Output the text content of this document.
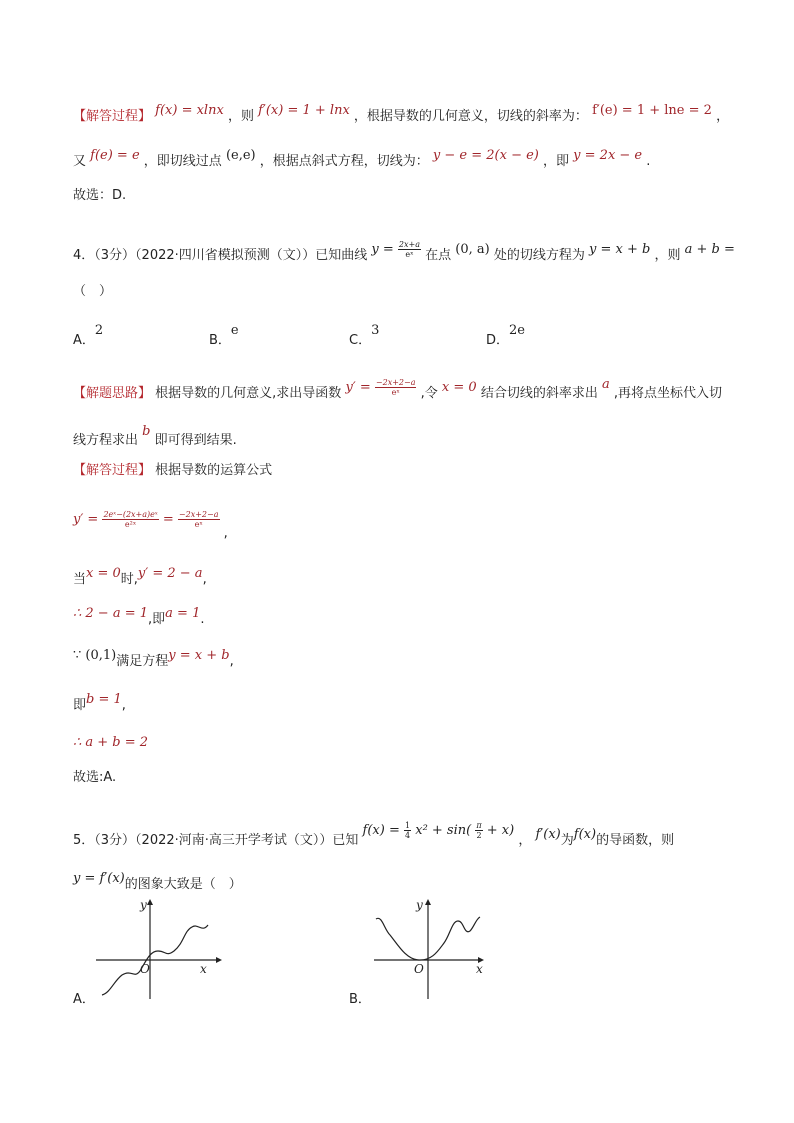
【解答过程】 f(x) = xlnx ，则 f′(x) = 1 + lnx ，根据导数的几何意义，切线的斜率为： f′(e) = 1 + lne = 2 ，
又 f(e) = e ，即切线过点 (e,e) ，根据点斜式方程，切线为： y − e = 2(x − e) ，即 y = 2x − e .
故选：D.
4．（3分）（2022·四川省模拟预测（文））已知曲线 $y = \frac{2x+a}{\text{eˣ}}$ 在点 (0, a) 处的切线方程为 y = x + b ，则 a + b =
（　）
A．2
B．e
C．3
D．2e
【解题思路】 根据导数的几何意义,求出导函数 $y' = \frac{-2x+2-a}{\text{eˣ}}$ ,令 x = 0 结合切线的斜率求出 a ,再将点坐标代入切
线方程求出 b 即可得到结果.
【解答过程】 根据导数的运算公式
$y' = \frac{\text{2eˣ−(2x+a)eˣ}}{\text{e²ˣ}} = \frac{-2x+2-a}{\text{eˣ}}$
,
当x = 0时,y′ = 2 − a,
∴ 2 − a = 1,即a = 1.
∵ (0,1)满足方程y = x + b,
即b = 1,
∴ a + b = 2
故选:A.
5．（3分）（2022·河南·高三开学考试（文））已知 $f(x) = \frac{1}{4} x^2 + \sin( \frac{\pi}{2} + x)$ ， f′(x)为f(x)的导函数，则
y = f′(x)的图象大致是（　）
O	x
y
A．
O	x
y
B．
